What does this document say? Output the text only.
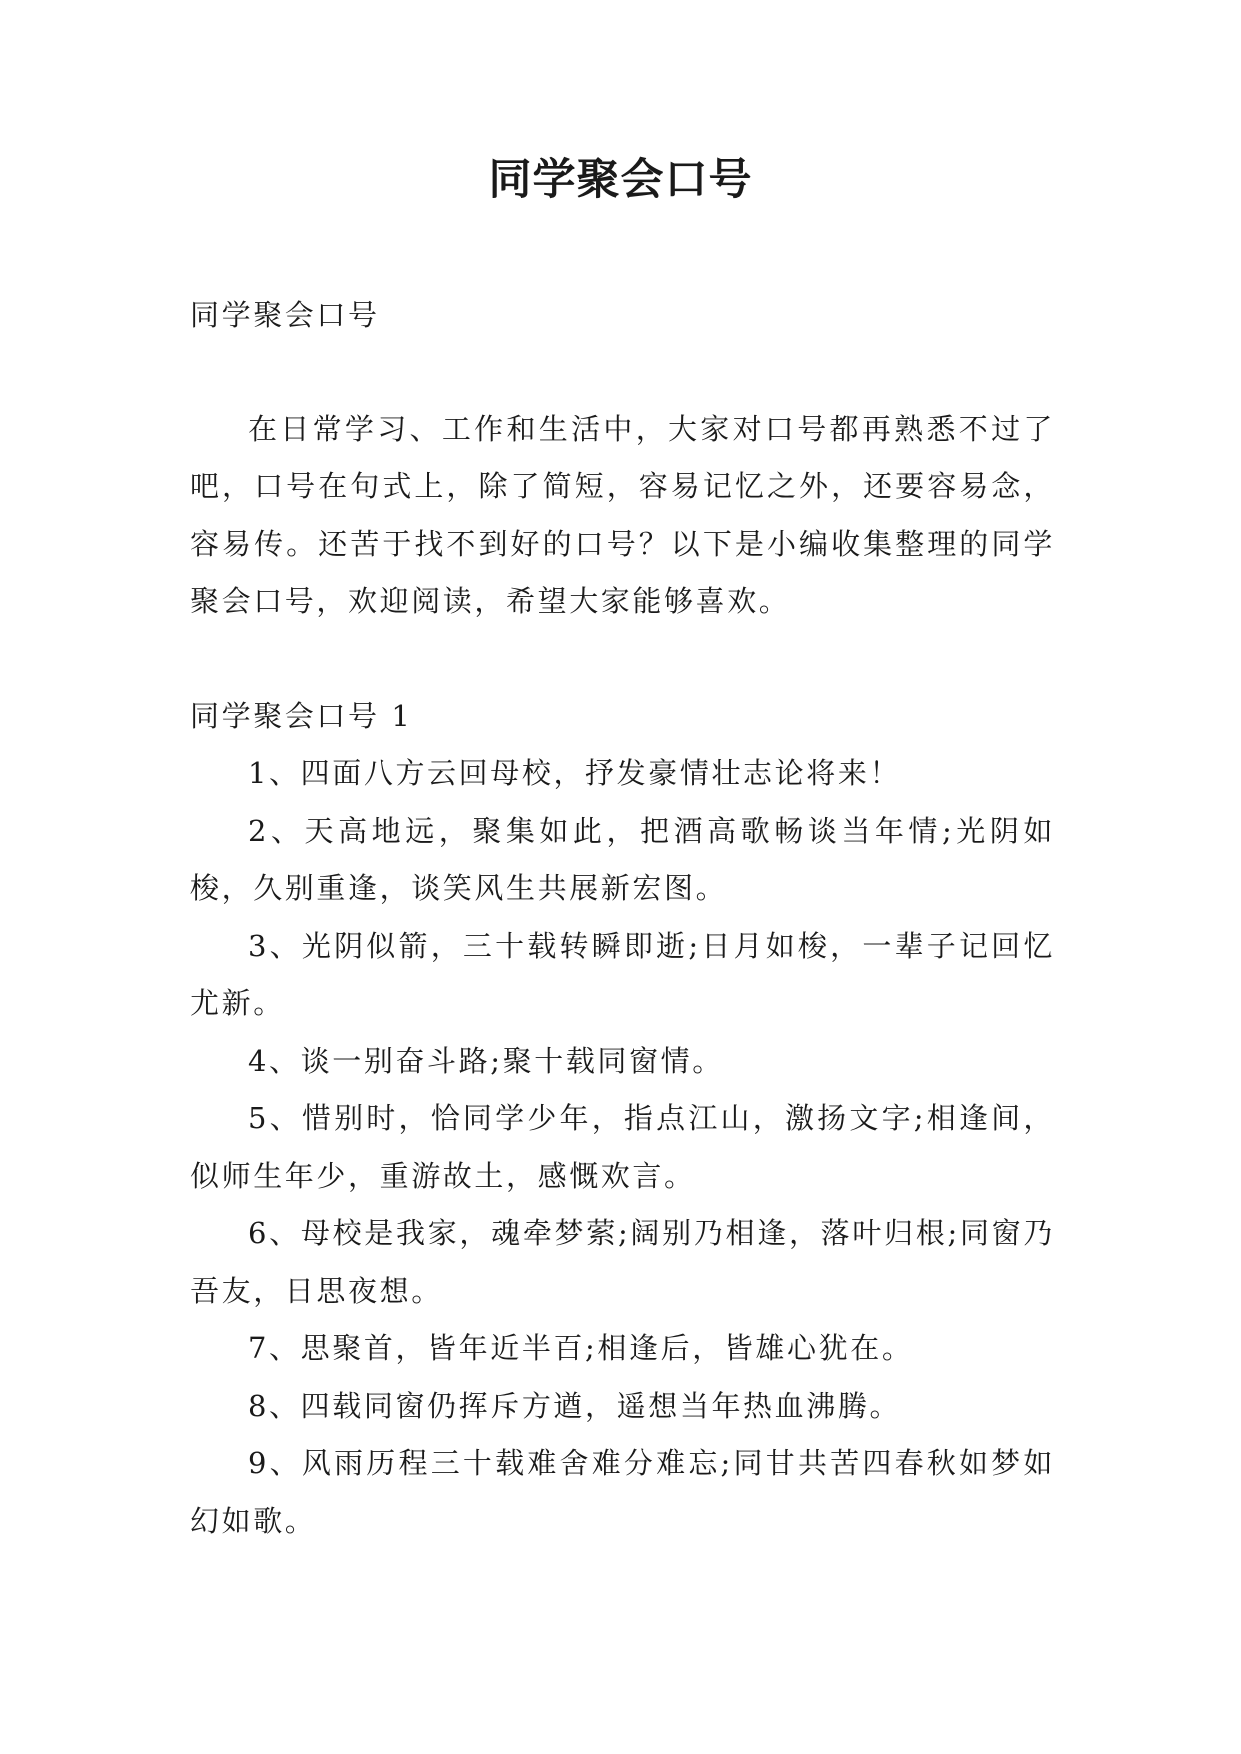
同学聚会口号

同学聚会口号

在日常学习、工作和生活中，大家对口号都再熟悉不过了吧，口号在句式上，除了简短，容易记忆之外，还要容易念，容易传。还苦于找不到好的口号？以下是小编收集整理的同学聚会口号，欢迎阅读，希望大家能够喜欢。

同学聚会口号 1

1、四面八方云回母校，抒发豪情壮志论将来！

2、天高地远，聚集如此，把酒高歌畅谈当年情;光阴如梭，久别重逢，谈笑风生共展新宏图。

3、光阴似箭，三十载转瞬即逝;日月如梭，一辈子记回忆尤新。

4、谈一别奋斗路;聚十载同窗情。

5、惜别时，恰同学少年，指点江山，激扬文字;相逢间，似师生年少，重游故土，感慨欢言。

6、母校是我家，魂牵梦萦;阔别乃相逢，落叶归根;同窗乃吾友，日思夜想。

7、思聚首，皆年近半百;相逢后，皆雄心犹在。

8、四载同窗仍挥斥方遒，遥想当年热血沸腾。

9、风雨历程三十载难舍难分难忘;同甘共苦四春秋如梦如幻如歌。
